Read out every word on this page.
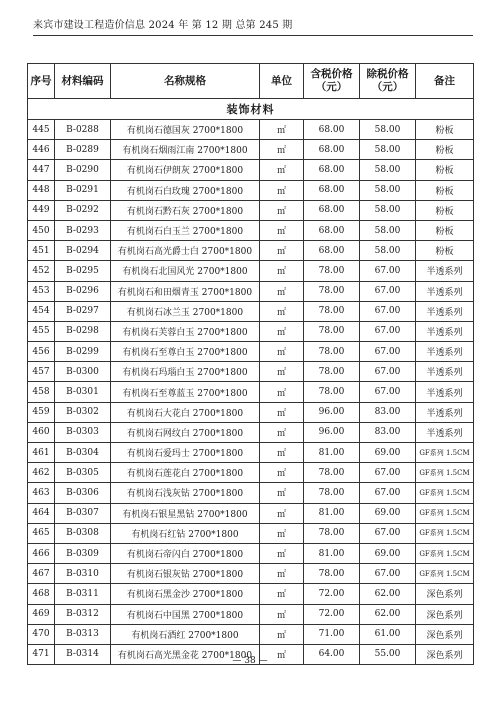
来宾市建设工程造价信息 2024 年 第 12 期 总第 245 期
序号	材料编码	名称规格	单位	含税价格（元）	除税价格（元）	备注
装饰材料						
445	B-0288	有机岗石德国灰 2700*1800	㎡	68.00	58.00	粉板
446	B-0289	有机岗石烟雨江南 2700*1800	㎡	68.00	58.00	粉板
447	B-0290	有机岗石伊朗灰 2700*1800	㎡	68.00	58.00	粉板
448	B-0291	有机岗石白玫瑰 2700*1800	㎡	68.00	58.00	粉板
449	B-0292	有机岗石黔石灰 2700*1800	㎡	68.00	58.00	粉板
450	B-0293	有机岗石白玉兰 2700*1800	㎡	68.00	58.00	粉板
451	B-0294	有机岗石高光爵士白 2700*1800	㎡	68.00	58.00	粉板
452	B-0295	有机岗石北国风光 2700*1800	㎡	78.00	67.00	半透系列
453	B-0296	有机岗石和田烟青玉 2700*1800	㎡	78.00	67.00	半透系列
454	B-0297	有机岗石冰兰玉 2700*1800	㎡	78.00	67.00	半透系列
455	B-0298	有机岗石芙蓉白玉 2700*1800	㎡	78.00	67.00	半透系列
456	B-0299	有机岗石至尊白玉 2700*1800	㎡	78.00	67.00	半透系列
457	B-0300	有机岗石玛瑙白玉 2700*1800	㎡	78.00	67.00	半透系列
458	B-0301	有机岗石至尊蓝玉 2700*1800	㎡	78.00	67.00	半透系列
459	B-0302	有机岗石大花白 2700*1800	㎡	96.00	83.00	半透系列
460	B-0303	有机岗石网纹白 2700*1800	㎡	96.00	83.00	半透系列
461	B-0304	有机岗石爱玛士 2700*1800	㎡	81.00	69.00	GF系列 1.5CM
462	B-0305	有机岗石莲花白 2700*1800	㎡	78.00	67.00	GF系列 1.5CM
463	B-0306	有机岗石浅灰钻 2700*1800	㎡	78.00	67.00	GF系列 1.5CM
464	B-0307	有机岗石银星黑钻 2700*1800	㎡	81.00	69.00	GF系列 1.5CM
465	B-0308	有机岗石红钻 2700*1800	㎡	78.00	67.00	GF系列 1.5CM
466	B-0309	有机岗石帝闪白 2700*1800	㎡	81.00	69.00	GF系列 1.5CM
467	B-0310	有机岗石银灰钻 2700*1800	㎡	78.00	67.00	GF系列 1.5CM
468	B-0311	有机岗石黑金沙 2700*1800	㎡	72.00	62.00	深色系列
469	B-0312	有机岗石中国黑 2700*1800	㎡	72.00	62.00	深色系列
470	B-0313	有机岗石酒红 2700*1800	㎡	71.00	61.00	深色系列
471	B-0314	有机岗石高光黑金花 2700*1800	㎡	64.00	55.00	深色系列
— 38 —
